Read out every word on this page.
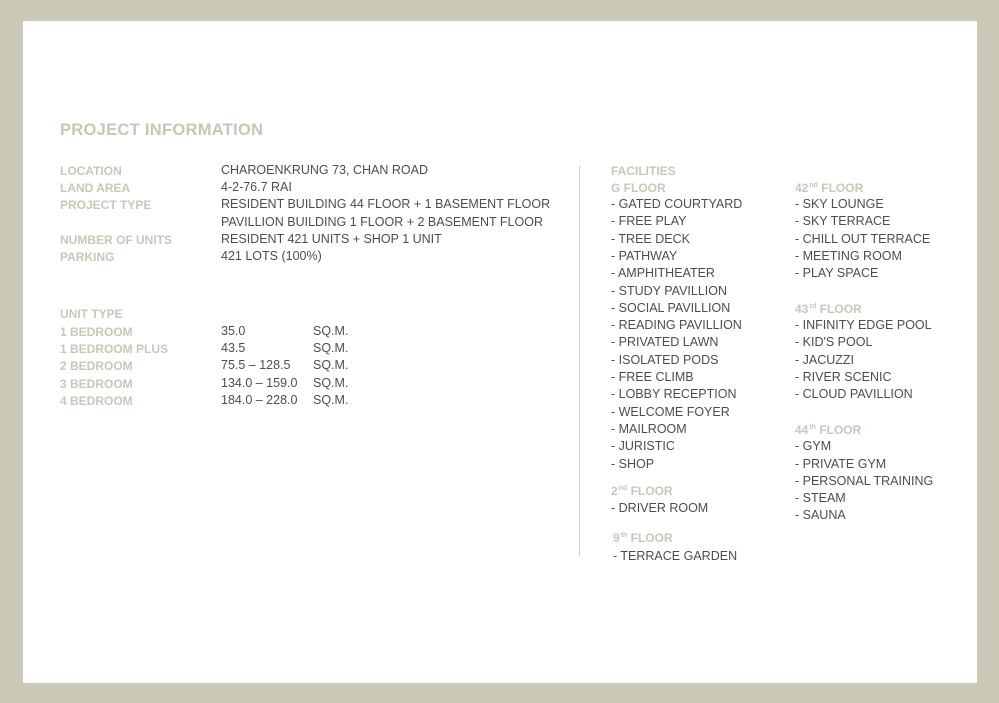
PROJECT INFORMATION
LOCATION	CHAROENKRUNG 73, CHAN ROAD
LAND AREA	4-2-76.7 RAI
PROJECT TYPE	RESIDENT BUILDING 44 FLOOR + 1 BASEMENT FLOOR
PAVILLION BUILDING 1 FLOOR + 2 BASEMENT FLOOR
NUMBER OF UNITS	RESIDENT 421 UNITS + SHOP 1 UNIT
PARKING	421 LOTS (100%)
UNIT TYPE
1 BEDROOM	35.0	SQ.M.
1 BEDROOM PLUS	43.5	SQ.M.
2 BEDROOM	75.5 – 128.5 SQ.M.
3 BEDROOM	134.0 – 159.0 SQ.M.
4 BEDROOM	184.0 – 228.0 SQ.M.
FACILITIES
G FLOOR
- GATED COURTYARD
- FREE PLAY
- TREE DECK
- PATHWAY
- AMPHITHEATER
- STUDY PAVILLION
- SOCIAL PAVILLION
- READING PAVILLION
- PRIVATED LAWN
- ISOLATED PODS
- FREE CLIMB
- LOBBY RECEPTION
- WELCOME FOYER
- MAILROOM
- JURISTIC
- SHOP
2nd FLOOR
- DRIVER ROOM
9th FLOOR
- TERRACE GARDEN
42nd FLOOR
- SKY LOUNGE
- SKY TERRACE
- CHILL OUT TERRACE
- MEETING ROOM
- PLAY SPACE
43rd FLOOR
- INFINITY EDGE POOL
- KID'S POOL
- JACUZZI
- RIVER SCENIC
- CLOUD PAVILLION
44th FLOOR
- GYM
- PRIVATE GYM
- PERSONAL TRAINING
- STEAM
- SAUNA
